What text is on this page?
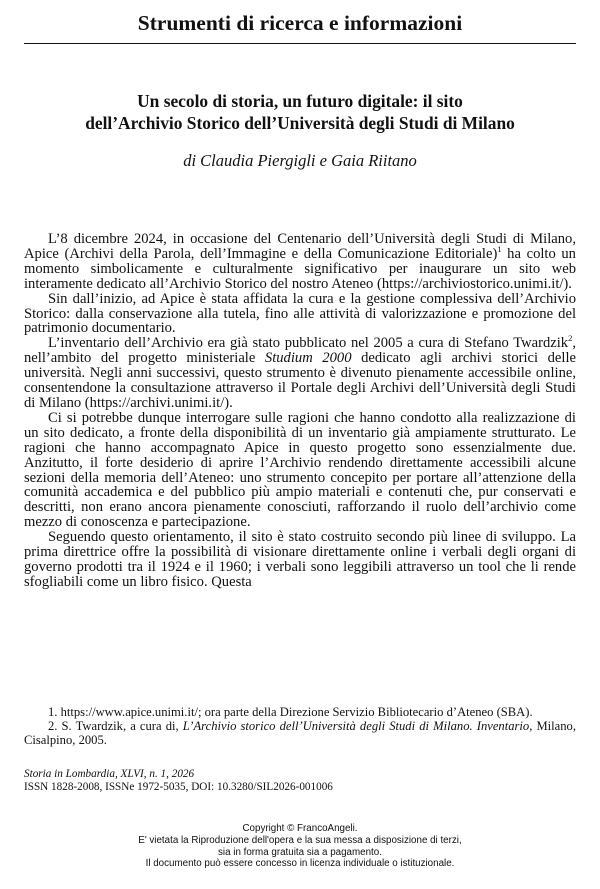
Strumenti di ricerca e informazioni
Un secolo di storia, un futuro digitale: il sito
dell’Archivio Storico dell’Università degli Studi di Milano
di Claudia Piergigli e Gaia Riitano

L’8 dicembre 2024, in occasione del Centenario dell’Università degli Studi di Milano, Apice (Archivi della Parola, dell’Immagine e della Comunicazione Editoriale)$^1$ ha colto un momento simbolicamente e culturalmente significativo per inaugurare un sito web interamente dedicato all’Archivio Storico del nostro Ateneo (https://archiviostorico.unimi.it/).

Sin dall’inizio, ad Apice è stata affidata la cura e la gestione complessiva dell’Archivio Storico: dalla conservazione alla tutela, fino alle attività di valorizzazione e promozione del patrimonio documentario.

L’inventario dell’Archivio era già stato pubblicato nel 2005 a cura di Stefano Twardzik$^2$, nell’ambito del progetto ministeriale Studium 2000 dedicato agli archivi storici delle università. Negli anni successivi, questo strumento è divenuto pienamente accessibile online, consentendone la consultazione attraverso il Portale degli Archivi dell’Università degli Studi di Milano (https://archivi.unimi.it/).

Ci si potrebbe dunque interrogare sulle ragioni che hanno condotto alla realizzazione di un sito dedicato, a fronte della disponibilità di un inventario già ampiamente strutturato. Le ragioni che hanno accompagnato Apice in questo progetto sono essenzialmente due. Anzitutto, il forte desiderio di aprire l’Archivio rendendo direttamente accessibili alcune sezioni della memoria dell’Ateneo: uno strumento concepito per portare all’attenzione della comunità accademica e del pubblico più ampio materiali e contenuti che, pur conservati e descritti, non erano ancora pienamente conosciuti, rafforzando il ruolo dell’archivio come mezzo di conoscenza e partecipazione.

Seguendo questo orientamento, il sito è stato costruito secondo più linee di sviluppo. La prima direttrice offre la possibilità di visionare direttamente online i verbali degli organi di governo prodotti tra il 1924 e il 1960; i verbali sono leggibili attraverso un tool che li rende sfogliabili come un libro fisico. Questa

1. https://www.apice.unimi.it/; ora parte della Direzione Servizio Bibliotecario d’Ateneo (SBA).

2. S. Twardzik, a cura di, L’Archivio storico dell’Università degli Studi di Milano. Inventario, Milano, Cisalpino, 2005.

Storia in Lombardia, XLVI, n. 1, 2026
ISSN 1828-2008, ISSNe 1972-5035, DOI: 10.3280/SIL2026-001006
Copyright © FrancoAngeli.
E' vietata la Riproduzione dell'opera e la sua messa a disposizione di terzi,
sia in forma gratuita sia a pagamento.
Il documento può essere concesso in licenza individuale o istituzionale.
